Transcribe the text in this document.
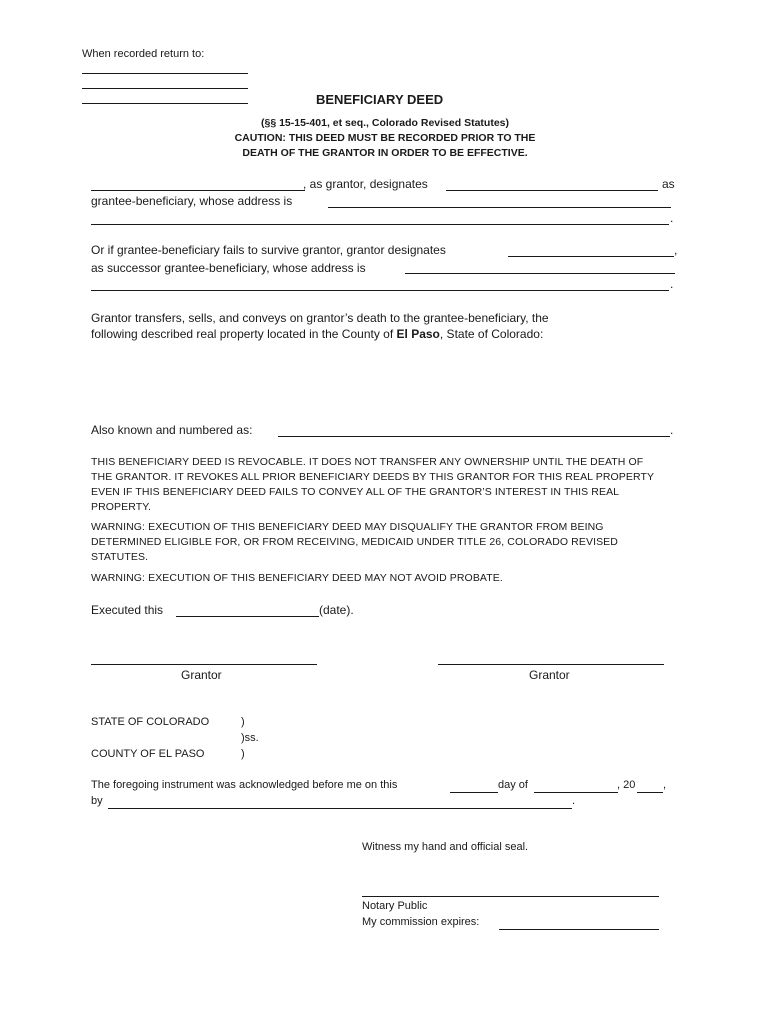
When recorded return to:
BENEFICIARY DEED
(§§ 15-15-401, et seq., Colorado Revised Statutes)
CAUTION: THIS DEED MUST BE RECORDED PRIOR TO THE
DEATH OF THE GRANTOR IN ORDER TO BE EFFECTIVE.
, as grantor, designates	as
grantee-beneficiary, whose address is
.
Or if grantee-beneficiary fails to survive grantor, grantor designates	,
as successor grantee-beneficiary, whose address is
.
Grantor transfers, sells, and conveys on grantor’s death to the grantee-beneficiary, the
following described real property located in the County of El Paso, State of Colorado:
Also known and numbered as:	.
THIS BENEFICIARY DEED IS REVOCABLE. IT DOES NOT TRANSFER ANY OWNERSHIP UNTIL THE DEATH OF
THE GRANTOR. IT REVOKES ALL PRIOR BENEFICIARY DEEDS BY THIS GRANTOR FOR THIS REAL PROPERTY
EVEN IF THIS BENEFICIARY DEED FAILS TO CONVEY ALL OF THE GRANTOR’S INTEREST IN THIS REAL
PROPERTY.
WARNING: EXECUTION OF THIS BENEFICIARY DEED MAY DISQUALIFY THE GRANTOR FROM BEING
DETERMINED ELIGIBLE FOR, OR FROM RECEIVING, MEDICAID UNDER TITLE 26, COLORADO REVISED
STATUTES.
WARNING: EXECUTION OF THIS BENEFICIARY DEED MAY NOT AVOID PROBATE.
Executed this	(date).
Grantor	Grantor
STATE OF COLORADO	)
)ss.
COUNTY OF EL PASO	)
The foregoing instrument was acknowledged before me on this	day of	, 20	,
by	.
Witness my hand and official seal.
Notary Public
My commission expires:
